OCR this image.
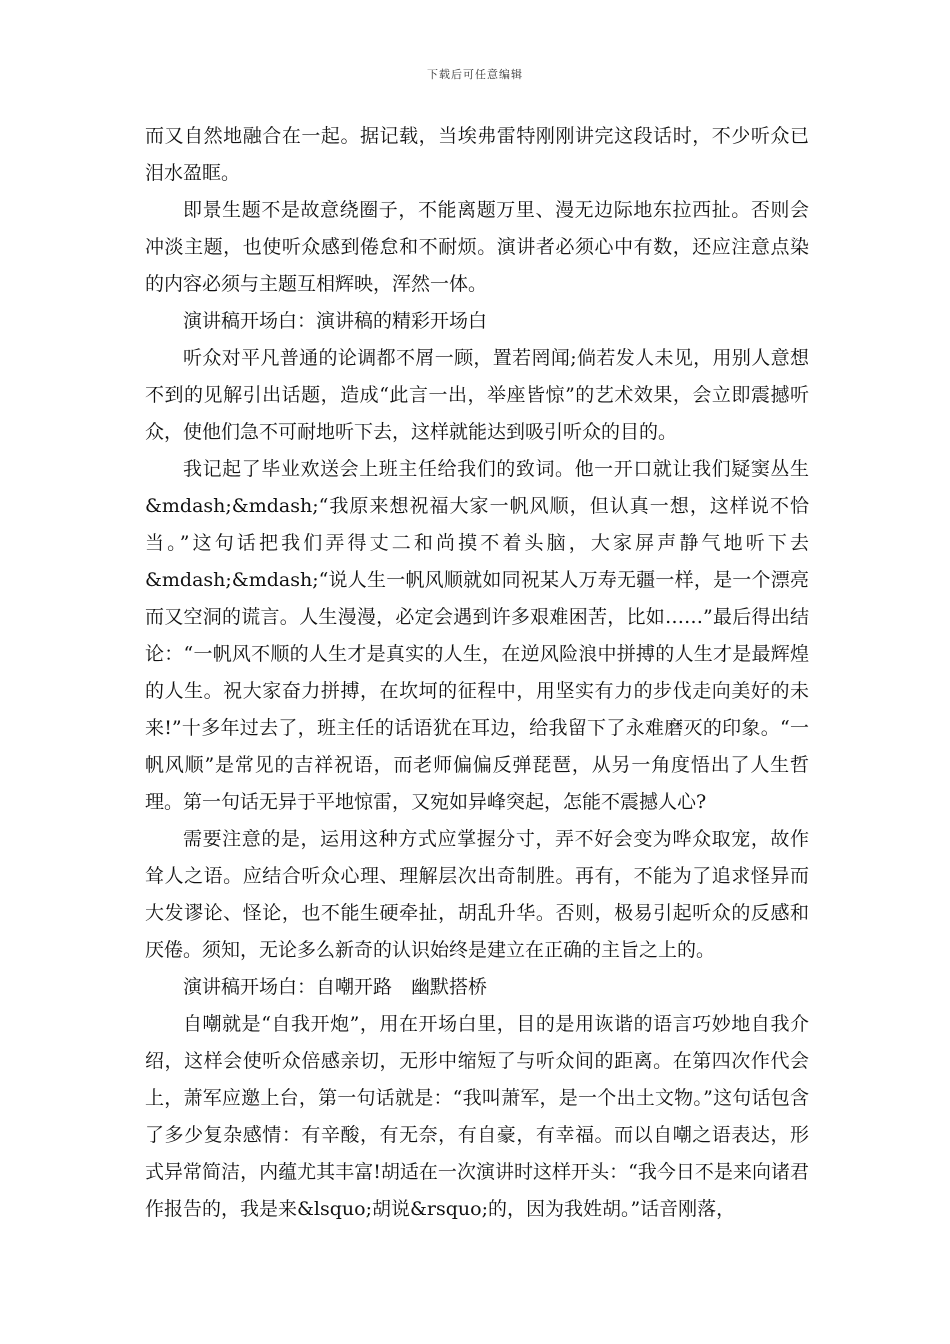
下载后可任意编辑

而又自然地融合在一起。据记载，当埃弗雷特刚刚讲完这段话时，不少听众已泪水盈眶。

即景生题不是故意绕圈子，不能离题万里、漫无边际地东拉西扯。否则会冲淡主题，也使听众感到倦怠和不耐烦。演讲者必须心中有数，还应注意点染的内容必须与主题互相辉映，浑然一体。

演讲稿开场白：演讲稿的精彩开场白

听众对平凡普通的论调都不屑一顾，置若罔闻;倘若发人未见，用别人意想不到的见解引出话题，造成“此言一出，举座皆惊”的艺术效果，会立即震撼听众，使他们急不可耐地听下去，这样就能达到吸引听众的目的。

我记起了毕业欢送会上班主任给我们的致词。他一开口就让我们疑窦丛生&mdash;&mdash;“我原来想祝福大家一帆风顺，但认真一想，这样说不恰当。”这句话把我们弄得丈二和尚摸不着头脑，大家屏声静气地听下去&mdash;&mdash;“说人生一帆风顺就如同祝某人万寿无疆一样，是一个漂亮而又空洞的谎言。人生漫漫，必定会遇到许多艰难困苦，比如……”最后得出结论：“一帆风不顺的人生才是真实的人生，在逆风险浪中拼搏的人生才是最辉煌的人生。祝大家奋力拼搏，在坎坷的征程中，用坚实有力的步伐走向美好的未来!”十多年过去了，班主任的话语犹在耳边，给我留下了永难磨灭的印象。“一帆风顺”是常见的吉祥祝语，而老师偏偏反弹琵琶，从另一角度悟出了人生哲理。第一句话无异于平地惊雷，又宛如异峰突起，怎能不震撼人心?

需要注意的是，运用这种方式应掌握分寸，弄不好会变为哗众取宠，故作耸人之语。应结合听众心理、理解层次出奇制胜。再有，不能为了追求怪异而大发谬论、怪论，也不能生硬牵扯，胡乱升华。否则，极易引起听众的反感和厌倦。须知，无论多么新奇的认识始终是建立在正确的主旨之上的。

演讲稿开场白：自嘲开路　幽默搭桥

自嘲就是“自我开炮”，用在开场白里，目的是用诙谐的语言巧妙地自我介绍，这样会使听众倍感亲切，无形中缩短了与听众间的距离。在第四次作代会上，萧军应邀上台，第一句话就是：“我叫萧军，是一个出土文物。”这句话包含了多少复杂感情：有辛酸，有无奈，有自豪，有幸福。而以自嘲之语表达，形式异常简洁，内蕴尤其丰富!胡适在一次演讲时这样开头：“我今日不是来向诸君作报告的，我是来&lsquo;胡说&rsquo;的，因为我姓胡。”话音刚落，
